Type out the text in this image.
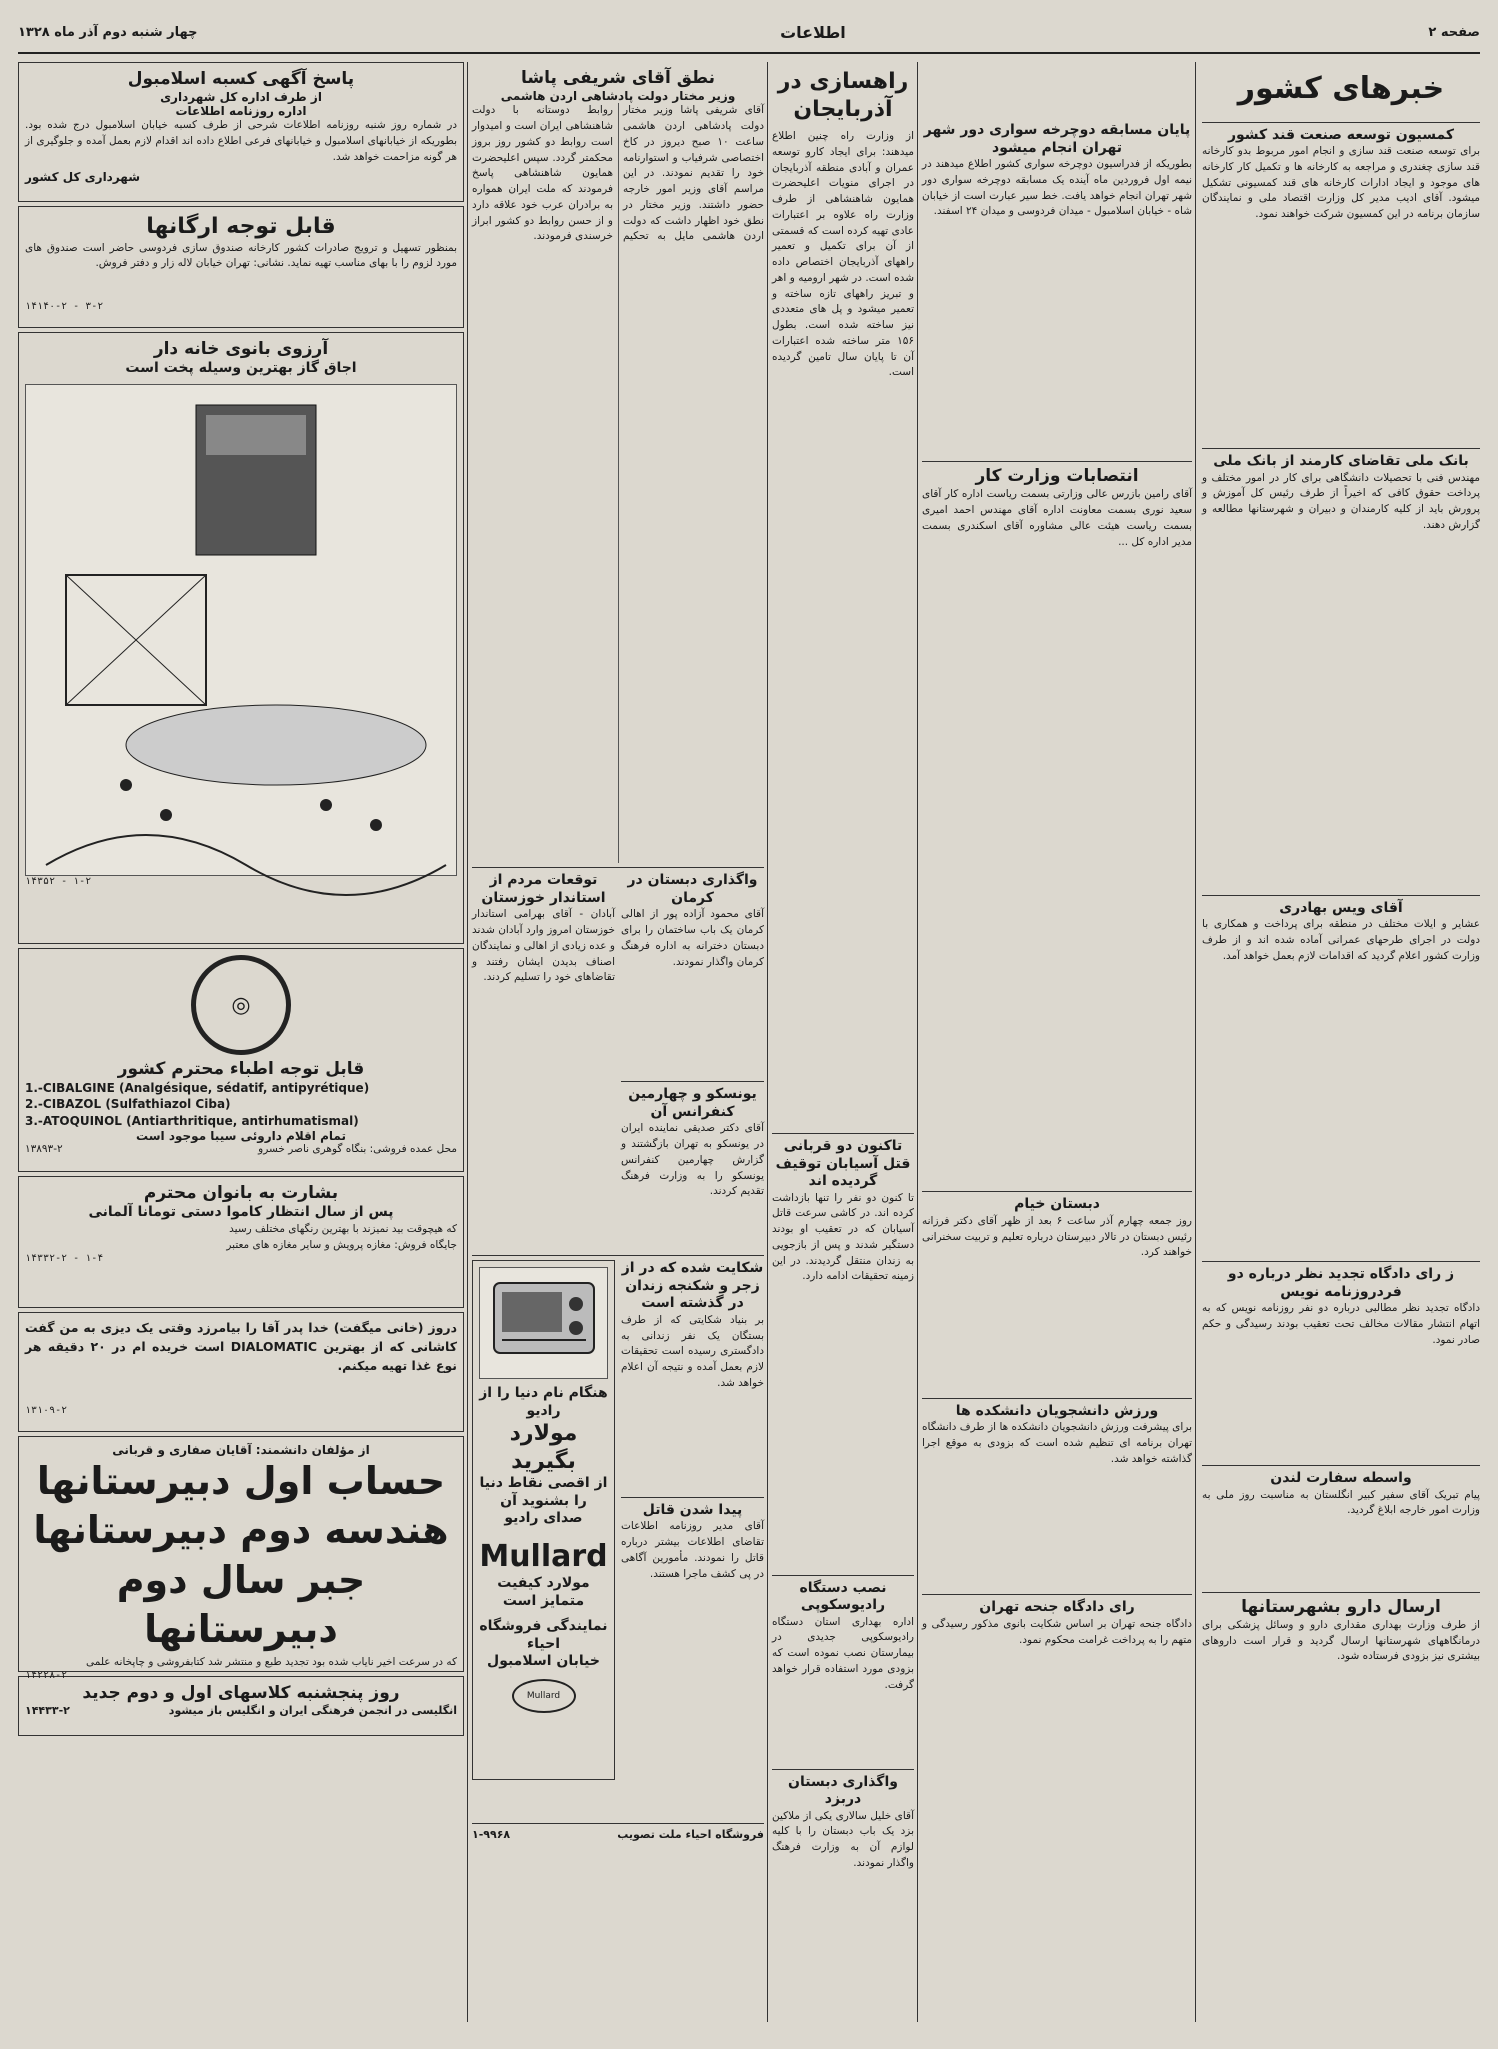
صفحه ۲
اطلاعات
چهار شنبه دوم آذر ماه ۱۳۲۸
خبرهای کشور
کمسیون توسعه صنعت قند کشور
برای توسعه صنعت قند سازی و انجام امور مربوط بدو کارخانه قند سازی چغندری و مراجعه به کارخانه ها و تکمیل کار کارخانه های موجود و ایجاد ادارات کارخانه های قند کمسیونی تشکیل میشود. آقای ادیب مدیر کل وزارت اقتصاد ملی و نمایندگان سازمان برنامه در این کمسیون شرکت خواهند نمود.
بانک ملی تقاضای کارمند از بانک ملی
مهندس فنی با تحصیلات دانشگاهی برای کار در امور مختلف و پرداخت حقوق کافی که اخیراً از طرف رئیس کل آموزش و پرورش باید از کلیه کارمندان و دبیران و شهرستانها مطالعه و گزارش دهند.
آقای ویس بهادری
عشایر و ایلات مختلف در منطقه برای پرداخت و همکاری با دولت در اجرای طرحهای عمرانی آماده شده اند و از طرف وزارت کشور اعلام گردید که اقدامات لازم بعمل خواهد آمد.
ز رای دادگاه تجدید نظر درباره دو فردروزنامه نویس
دادگاه تجدید نظر مطالبی درباره دو نفر روزنامه نویس که به اتهام انتشار مقالات مخالف تحت تعقیب بودند رسیدگی و حکم صادر نمود.
واسطه سفارت لندن
پیام تبریک آقای سفیر کبیر انگلستان به مناسبت روز ملی به وزارت امور خارجه ابلاغ گردید.
ارسال دارو بشهرستانها
از طرف وزارت بهداری مقداری دارو و وسائل پزشکی برای درمانگاههای شهرستانها ارسال گردید و قرار است داروهای بیشتری نیز بزودی فرستاده شود.
پایان مسابقه دوچرخه سواری دور شهر تهران انجام میشود
بطوریکه از فدراسیون دوچرخه سواری کشور اطلاع میدهند در نیمه اول فروردین ماه آینده یک مسابقه دوچرخه سواری دور شهر تهران انجام خواهد یافت. خط سیر عبارت است از خیابان شاه - خیابان اسلامبول - میدان فردوسی و میدان ۲۴ اسفند.
انتصابات وزارت کار
آقای رامین بازرس عالی وزارتی بسمت ریاست اداره کار آقای سعید نوری بسمت معاونت اداره آقای مهندس احمد امیری بسمت ریاست هیئت عالی مشاوره آقای اسکندری بسمت مدیر اداره کل ...
دبستان خیام
روز جمعه چهارم آذر ساعت ۶ بعد از ظهر آقای دکتر فرزانه رئیس دبستان در تالار دبیرستان درباره تعلیم و تربیت سخنرانی خواهند کرد.
ورزش دانشجویان دانشکده ها
برای پیشرفت ورزش دانشجویان دانشکده ها از طرف دانشگاه تهران برنامه ای تنظیم شده است که بزودی به موقع اجرا گذاشته خواهد شد.
رای دادگاه جنحه تهران
دادگاه جنحه تهران بر اساس شکایت بانوی مذکور رسیدگی و متهم را به پرداخت غرامت محکوم نمود.
راهسازی در آذربایجان
از وزارت راه چنین اطلاع میدهند: برای ایجاد کارو توسعه عمران و آبادی منطقه آذربایجان در اجرای منویات اعلیحضرت همایون شاهنشاهی از طرف وزارت راه علاوه بر اعتبارات عادی تهیه کرده است که قسمتی از آن برای تکمیل و تعمیر راههای آذربایجان اختصاص داده شده است. در شهر ارومیه و اهر و تبریز راههای تازه ساخته و تعمیر میشود و پل های متعددی نیز ساخته شده است. بطول ۱۵۶ متر ساخته شده اعتبارات آن تا پایان سال تامین گردیده است.
تاکنون دو قربانی قتل آسیابان توقیف گردیده اند
تا کنون دو نفر را تنها بازداشت کرده اند. در کاشی سرعت قاتل آسیابان که در تعقیب او بودند دستگیر شدند و پس از بازجویی به زندان منتقل گردیدند. در این زمینه تحقیقات ادامه دارد.
نصب دستگاه رادیوسکوپی
اداره بهداری استان دستگاه رادیوسکوپی جدیدی در بیمارستان نصب نموده است که بزودی مورد استفاده قرار خواهد گرفت.
واگذاری دبستان دربزد
آقای خلیل سالاری یکی از ملاکین بزد یک باب دبستان را با کلیه لوازم آن به وزارت فرهنگ واگذار نمودند.
نطق آقای شریفی پاشا
وزیر مختار دولت پادشاهی اردن هاشمی
آقای شریفی پاشا وزیر مختار دولت پادشاهی اردن هاشمی ساعت ۱۰ صبح دیروز در کاخ اختصاصی شرفیاب و استوارنامه خود را تقدیم نمودند. در این مراسم آقای وزیر امور خارجه حضور داشتند. وزیر مختار در نطق خود اظهار داشت که دولت اردن هاشمی مایل به تحکیم روابط دوستانه با دولت شاهنشاهی ایران است و امیدوار است روابط دو کشور روز بروز محکمتر گردد. سپس اعلیحضرت همایون شاهنشاهی پاسخ فرمودند که ملت ایران همواره به برادران عرب خود علاقه دارد و از حسن روابط دو کشور ابراز خرسندی فرمودند.
واگذاری دبستان در کرمان
آقای محمود آزاده پور از اهالی کرمان یک باب ساختمان را برای دبستان دخترانه به اداره فرهنگ کرمان واگذار نمودند.
یونسکو و چهارمین کنفرانس آن
آقای دکتر صدیقی نماینده ایران در یونسکو به تهران بازگشتند و گزارش چهارمین کنفرانس یونسکو را به وزارت فرهنگ تقدیم کردند.
توقعات مردم از استاندار خوزستان
آبادان - آقای بهرامی استاندار خوزستان امروز وارد آبادان شدند و عده زیادی از اهالی و نمایندگان اصناف بدیدن ایشان رفتند و تقاضاهای خود را تسلیم کردند.
شکایت شده که در از زجر و شکنجه زندان در گذشته است
بر بنیاد شکایتی که از طرف بستگان یک نفر زندانی به دادگستری رسیده است تحقیقات لازم بعمل آمده و نتیجه آن اعلام خواهد شد.
پیدا شدن قاتل
آقای مدیر روزنامه اطلاعات تقاضای اطلاعات بیشتر درباره قاتل را نمودند. مأمورین آگاهی در پی کشف ماجرا هستند.
هنگام نام دنیا را از رادیو
مولارد بگیرید
از اقصی نقاط دنیا
را بشنوید آن صدای رادیو
Mullard
مولارد کیفیت متمایز است
نمایندگی فروشگاه احیاء
خیابان اسلامبول
Mullard
فروشگاه احیاء ملت تصویب
۱-۹۹۶۸
پاسخ آگهی کسبه اسلامبول
از طرف اداره کل شهرداری
اداره روزنامه اطلاعات
در شماره روز شنبه روزنامه اطلاعات شرحی از طرف کسبه خیابان اسلامبول درج شده بود. بطوریکه از خیابانهای اسلامبول و خیابانهای فرعی اطلاع داده اند اقدام لازم بعمل آمده و جلوگیری از هر گونه مزاحمت خواهد شد.
شهرداری کل کشور
قابل توجه ارگانها
بمنظور تسهیل و ترویج صادرات کشور کارخانه صندوق سازی فردوسی حاضر است صندوق های مورد لزوم را با بهای مناسب تهیه نماید. نشانی: تهران خیابان لاله زار و دفتر فروش.
۱۴۱۴۰-۲ - ۳-۲
آرزوی بانوی خانه دار
اجاق گاز بهترین وسیله پخت است
۱۴۳۵۲ - ۱-۲
◎
قابل توجه اطباء محترم کشور
1.-CIBALGINE (Analgésique, sédatif, antipyrétique)
2.-CIBAZOL (Sulfathiazol Ciba)
3.-ATOQUINOL (Antiarthritique, antirhumatismal)
تمام اقلام داروئی سیبا موجود است
محل عمده فروشی: بنگاه گوهری ناصر خسرو
۱۳۸۹۳-۲
بشارت به بانوان محترم
پس از سال انتظار کاموا دستی تومانا آلمانی
که هیچوقت بید نمیزند با بهترین رنگهای مختلف رسید
جایگاه فروش: مغازه پرویش و سایر مغازه های معتبر
۱۴۳۳۲-۲ - ۱-۴
دروز (خانی میگفت) خدا پدر آقا را بیامرزد وقتی یک دیزی به من گفت کاشانی که از بهترین DIALOMATIC است خریده ام در ۲۰ دقیقه هر نوع غذا تهیه میکنم.
۱۳۱۰۹-۲
از مؤلفان دانشمند: آقایان صفاری و قربانی
حساب اول دبیرستانها
هندسه دوم دبیرستانها
جبر سال دوم دبیرستانها
که در سرعت اخیر نایاب شده بود تجدید طبع و منتشر شد کتابفروشی و چاپخانه علمی
۱۴۲۲۸-۲
روز پنجشنبه کلاسهای اول و دوم جدید
انگلیسی در انجمن فرهنگی ایران و انگلیس باز میشود
۱۴۴۳۳-۲
